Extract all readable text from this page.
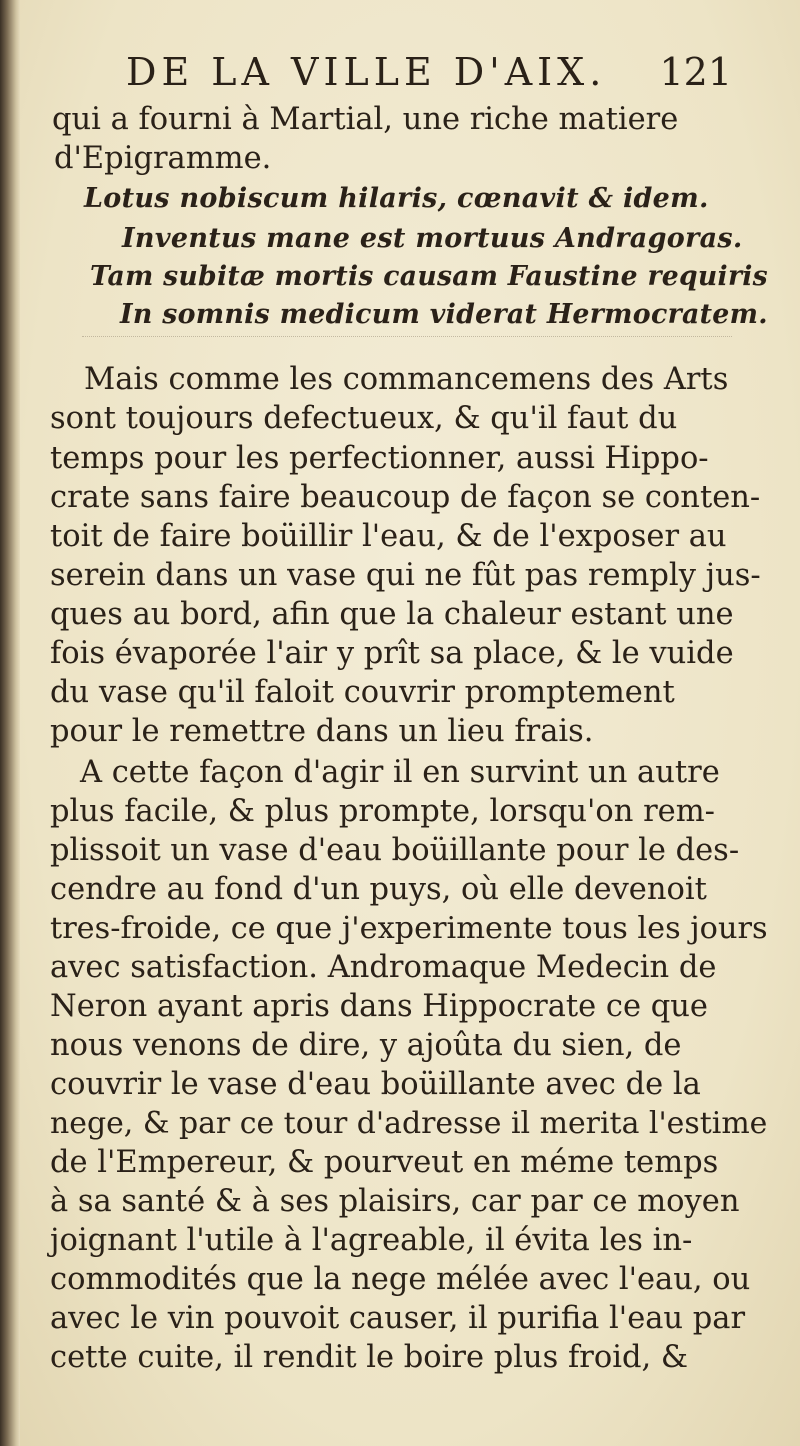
DE LA VILLE D'AIX. 121
qui a fourni à Martial, une riche matiere
d'Epigramme.
Lotus nobiscum hilaris, cœnavit & idem.
Inventus mane est mortuus Andragoras.
Tam subitæ mortis causam Faustine requiris
In somnis medicum viderat Hermocratem.
Mais comme les commancemens des Arts
sont toujours defectueux, & qu'il faut du
temps pour les perfectionner, aussi Hippo-
crate sans faire beaucoup de façon se conten-
toit de faire boüillir l'eau, & de l'exposer au
serein dans un vase qui ne fût pas remply jus-
ques au bord, afin que la chaleur estant une
fois évaporée l'air y prît sa place, & le vuide
du vase qu'il faloit couvrir promptement
pour le remettre dans un lieu frais.
A cette façon d'agir il en survint un autre
plus facile, & plus prompte, lorsqu'on rem-
plissoit un vase d'eau boüillante pour le des-
cendre au fond d'un puys, où elle devenoit
tres-froide, ce que j'experimente tous les jours
avec satisfaction. Andromaque Medecin de
Neron ayant apris dans Hippocrate ce que
nous venons de dire, y ajoûta du sien, de
couvrir le vase d'eau boüillante avec de la
nege, & par ce tour d'adresse il merita l'estime
de l'Empereur, & pourveut en méme temps
à sa santé & à ses plaisirs, car par ce moyen
joignant l'utile à l'agreable, il évita les in-
commodités que la nege mélée avec l'eau, ou
avec le vin pouvoit causer, il purifia l'eau par
cette cuite, il rendit le boire plus froid, &
